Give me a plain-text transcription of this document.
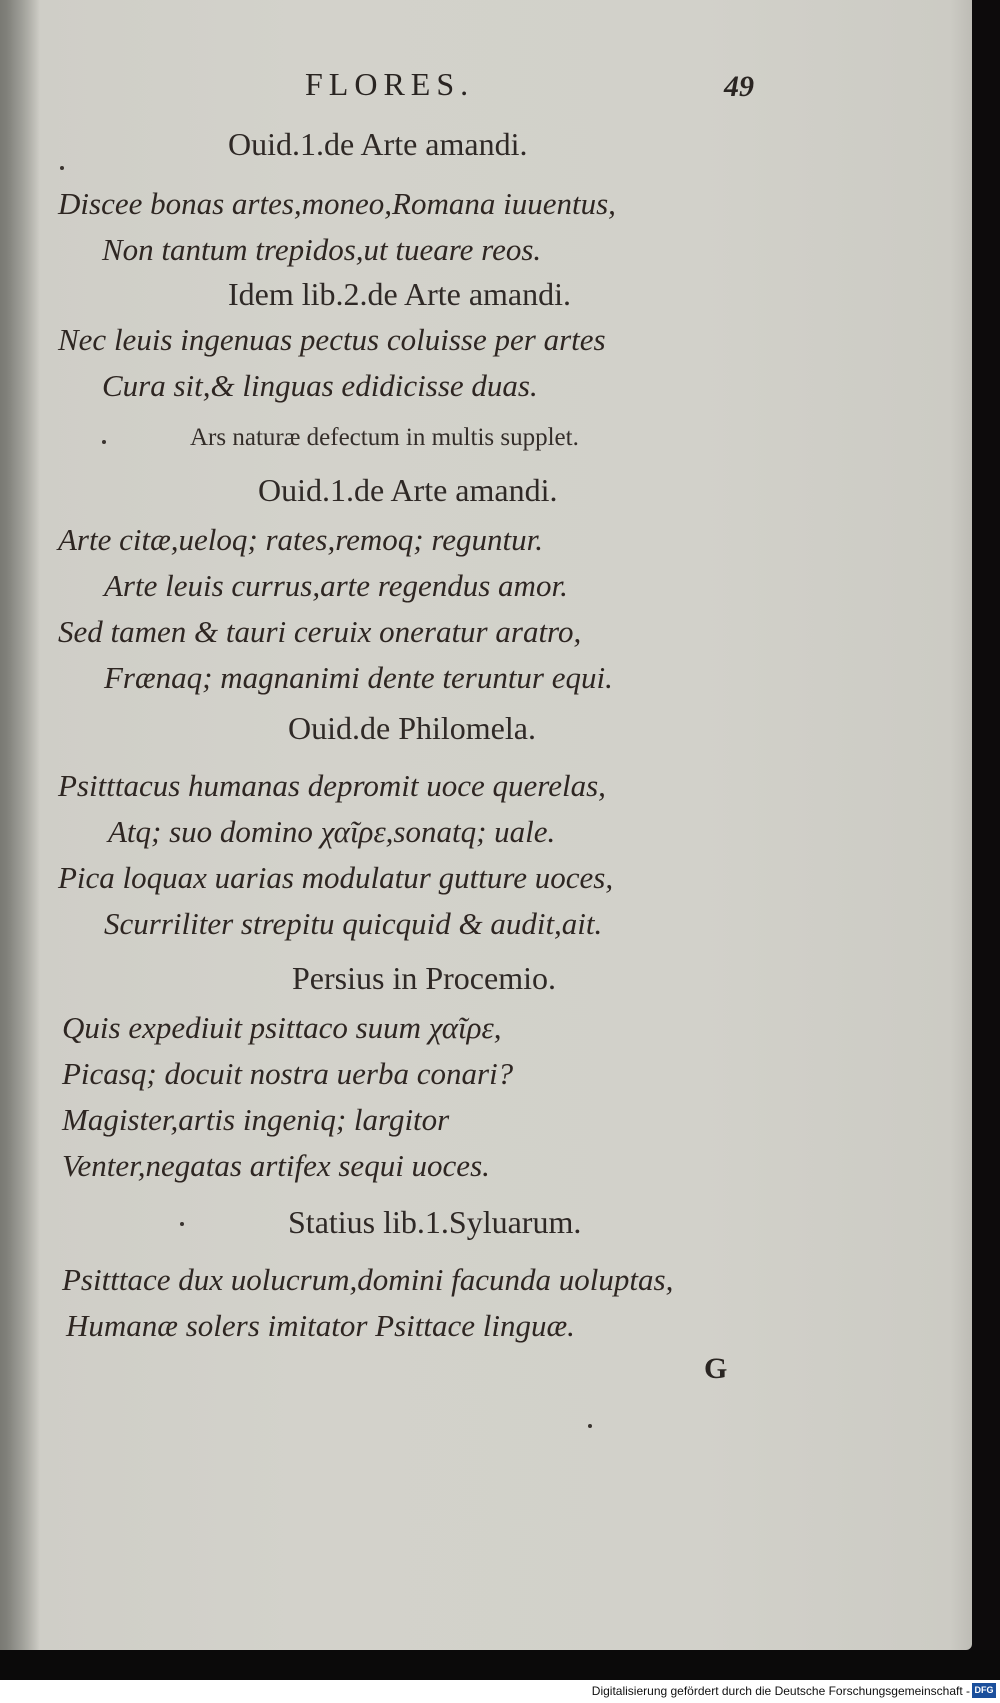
FLORES.	49
Ouid.1.de Arte amandi.
Discee bonas artes,moneo,Romana iuuentus,
Non tantum trepidos,ut tueare reos.
Idem lib.2.de Arte amandi.
Nec leuis ingenuas pectus coluisse per artes
Cura sit,& linguas edidicisse duas.
Ars naturæ defectum in multis supplet.
Ouid.1.de Arte amandi.
Arte citæ,ueloq; rates,remoq; reguntur.
Arte leuis currus,arte regendus amor.
Sed tamen & tauri ceruix oneratur aratro,
Frænaq; magnanimi dente teruntur equi.
Ouid.de Philomela.
Psitttacus humanas depromit uoce querelas,
Atq; suo domino χαῖρε,sonatq; uale.
Pica loquax uarias modulatur gutture uoces,
Scurriliter strepitu quicquid & audit,ait.
Persius in Procemio.
Quis expediuit psittaco suum χαῖρε,
Picasq; docuit nostra uerba conari?
Magister,artis ingeniq; largitor
Venter,negatas artifex sequi uoces.
Statius lib.1.Syluarum.
Psitttace dux uolucrum,domini facunda uoluptas,
Humanæ solers imitator Psittace linguæ.
G
Digitalisierung gefördert durch die Deutsche Forschungsgemeinschaft - DFG
